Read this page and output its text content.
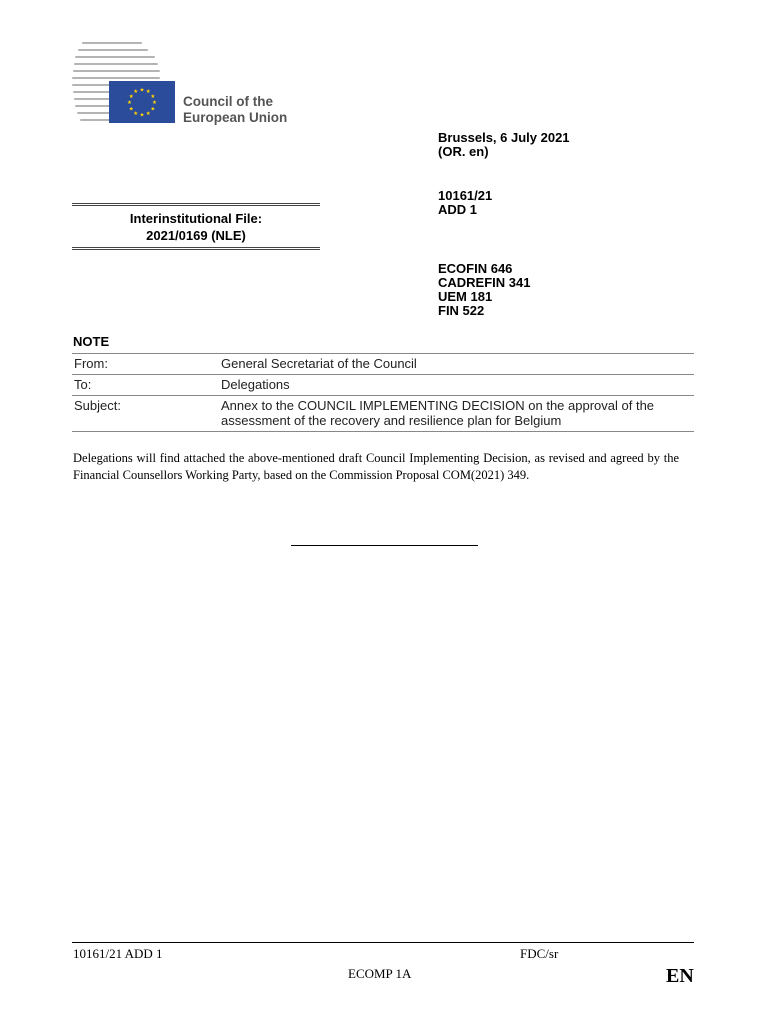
★ ★
★
★
★
★
★
★
★
★
★
★
Council of the
European Union
Brussels, 6 July 2021
(OR. en)
10161/21
ADD 1
ECOFIN 646
CADREFIN 341
UEM 181
FIN 522
Interinstitutional File:
2021/0169 (NLE)
NOTE
From:	General Secretariat of the Council
To:	Delegations
Subject:	Annex to the COUNCIL IMPLEMENTING DECISION on the approval of the assessment of the recovery and resilience plan for Belgium

Delegations will find attached the above-mentioned draft Council Implementing Decision, as revised and agreed by the Financial Counsellors Working Party, based on the Commission Proposal COM(2021) 349.

10161/21 ADD 1	FDC/sr
ECOMP 1A	EN
